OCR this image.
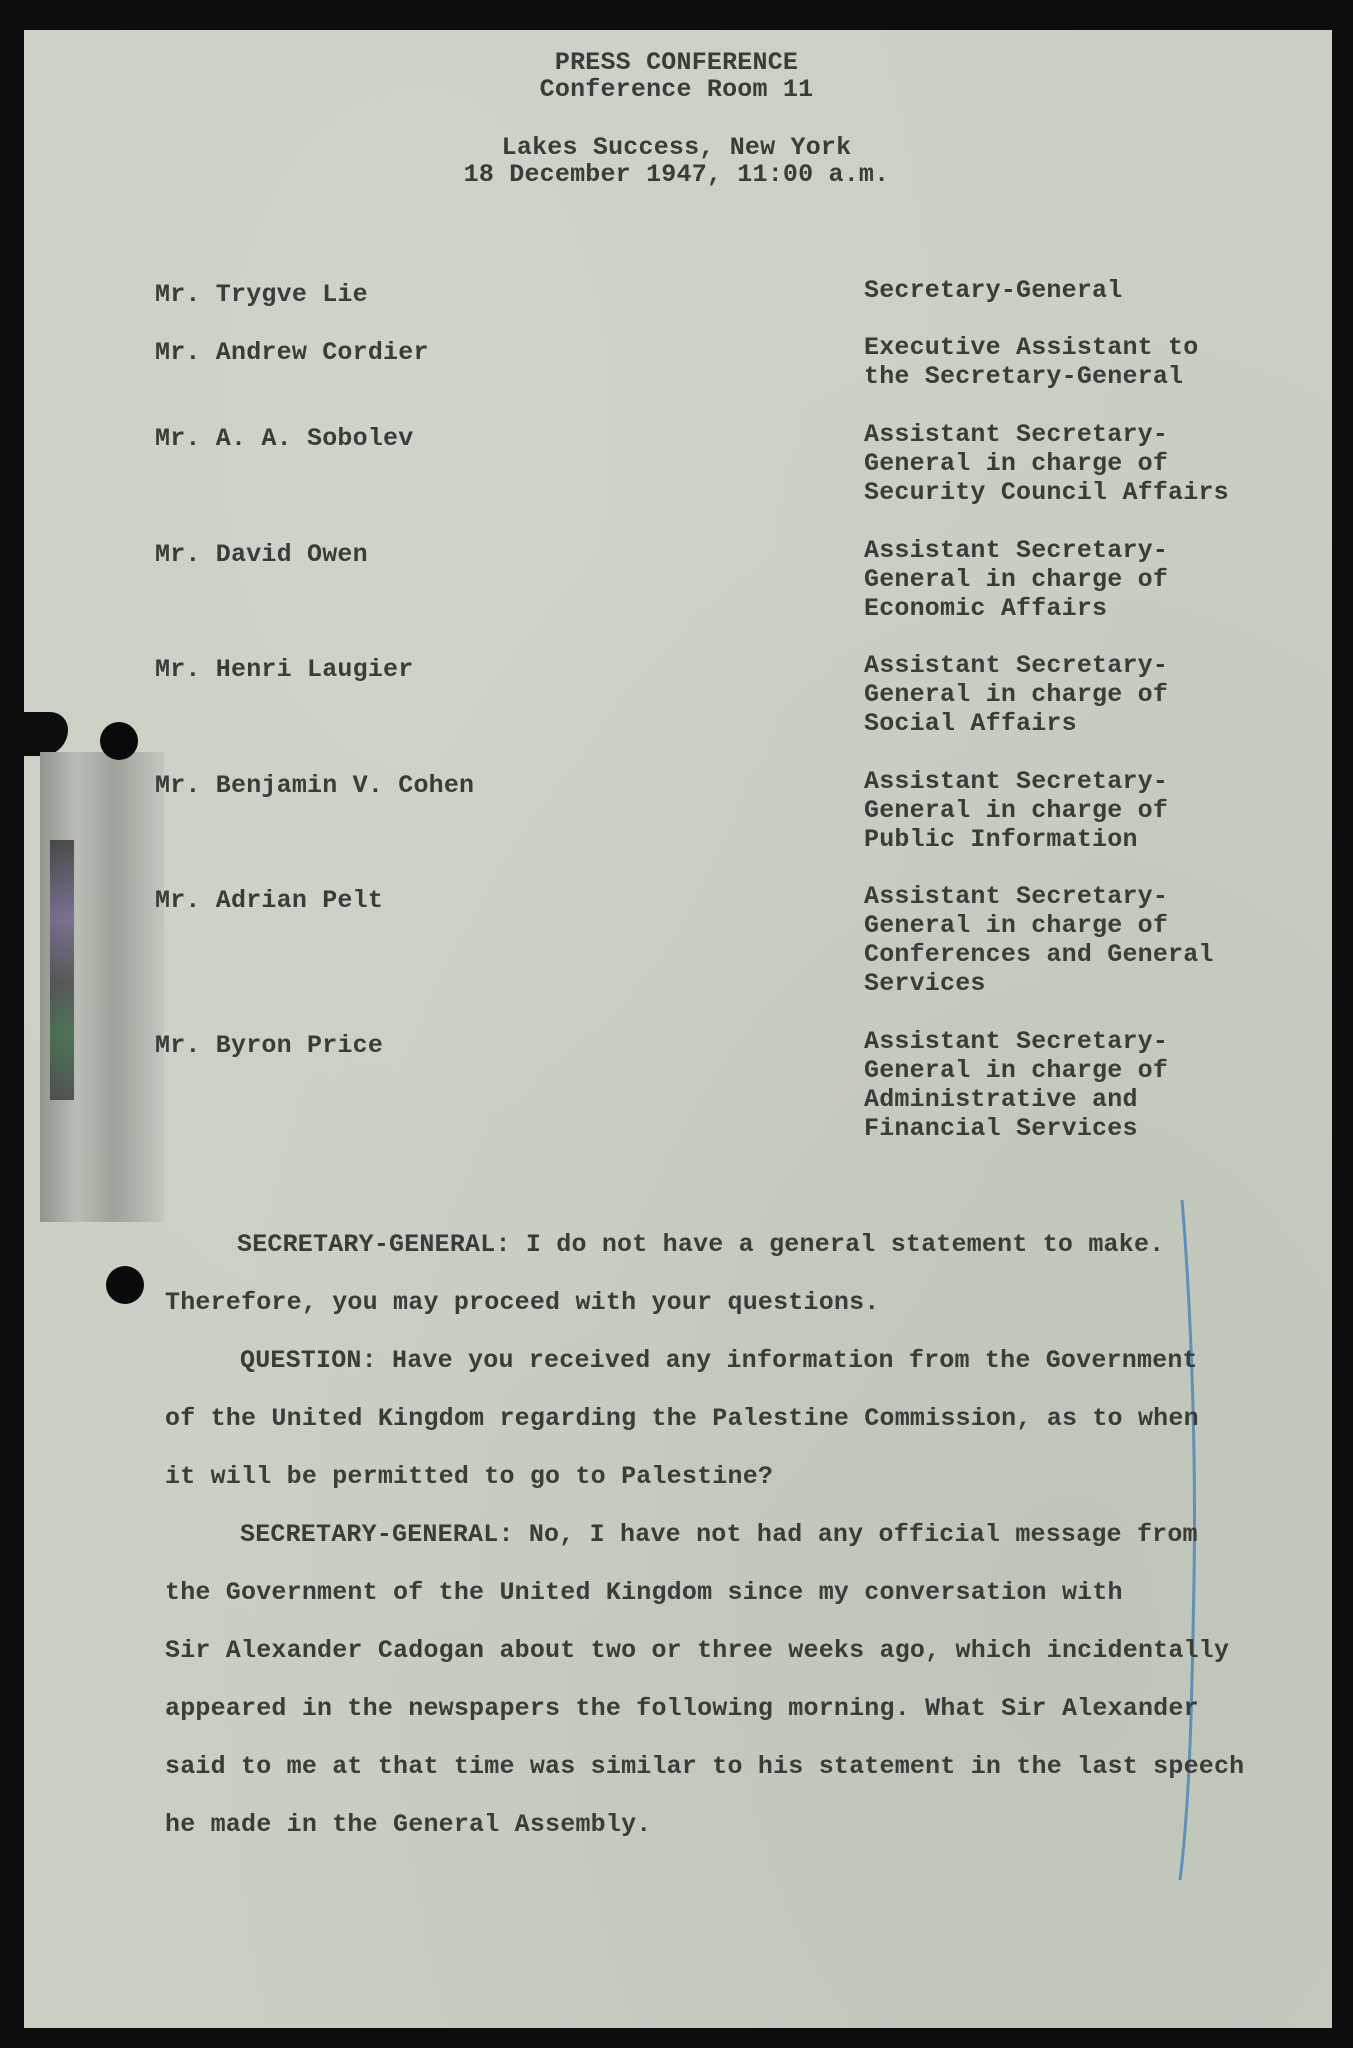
PRESS CONFERENCE
Conference Room 11
Lakes Success, New York
18 December 1947, 11:00 a.m.
Mr. Trygve Lie	Secretary-General
Mr. Andrew Cordier	Executive Assistant to
the Secretary-General
Mr. A. A. Sobolev	Assistant Secretary-
General in charge of
Security Council Affairs
Mr. David Owen	Assistant Secretary-
General in charge of
Economic Affairs
Mr. Henri Laugier	Assistant Secretary-
General in charge of
Social Affairs
Mr. Benjamin V. Cohen	Assistant Secretary-
General in charge of
Public Information
Mr. Adrian Pelt	Assistant Secretary-
General in charge of
Conferences and General
Services
Mr. Byron Price	Assistant Secretary-
General in charge of
Administrative and
Financial Services
SECRETARY-GENERAL: I do not have a general statement to make.
Therefore, you may proceed with your questions.
QUESTION: Have you received any information from the Government
of the United Kingdom regarding the Palestine Commission, as to when
it will be permitted to go to Palestine?
SECRETARY-GENERAL: No, I have not had any official message from
the Government of the United Kingdom since my conversation with
Sir Alexander Cadogan about two or three weeks ago, which incidentally
appeared in the newspapers the following morning. What Sir Alexander
said to me at that time was similar to his statement in the last speech
he made in the General Assembly.
